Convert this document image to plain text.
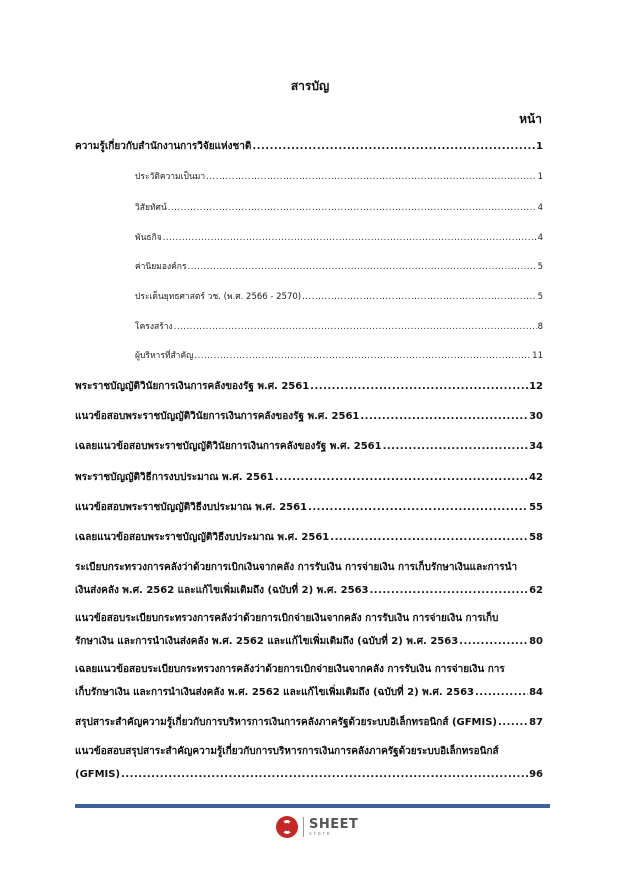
สารบัญ
หน้า
ความรู้เกี่ยวกับสำนักงานการวิจัยแห่งชาติ .....	1
ประวัติความเป็นมา .....	1
วิสัยทัศน์ .....	4
พันธกิจ .....	4
ค่านิยมองค์กร .....	5
ประเด็นยุทธศาสตร์ วช. (พ.ศ. 2566 - 2570) .....	5
โครงสร้าง .....	8
ผู้บริหารที่สำคัญ .....	11
พระราชบัญญัติวินัยการเงินการคลังของรัฐ พ.ศ. 2561 .....	12
แนวข้อสอบพระราชบัญญัติวินัยการเงินการคลังของรัฐ พ.ศ. 2561 .....	30
เฉลยแนวข้อสอบพระราชบัญญัติวินัยการเงินการคลังของรัฐ พ.ศ. 2561 .....	34
พระราชบัญญัติวิธีการงบประมาณ พ.ศ. 2561 .....	42
แนวข้อสอบพระราชบัญญัติวิธีงบประมาณ พ.ศ. 2561 .....	55
เฉลยแนวข้อสอบพระราชบัญญัติวิธีงบประมาณ พ.ศ. 2561 .....	58
ระเบียบกระทรวงการคลังว่าด้วยการเบิกเงินจากคลัง การรับเงิน การจ่ายเงิน การเก็บรักษาเงินและการนำ
เงินส่งคลัง พ.ศ. 2562 และแก้ไขเพิ่มเติมถึง (ฉบับที่ 2) พ.ศ. 2563 .....	62
แนวข้อสอบระเบียบกระทรวงการคลังว่าด้วยการเบิกจ่ายเงินจากคลัง การรับเงิน การจ่ายเงิน การเก็บ
รักษาเงิน และการนำเงินส่งคลัง พ.ศ. 2562 และแก้ไขเพิ่มเติมถึง (ฉบับที่ 2) พ.ศ. 2563 .....	80
เฉลยแนวข้อสอบระเบียบกระทรวงการคลังว่าด้วยการเบิกจ่ายเงินจากคลัง การรับเงิน การจ่ายเงิน การ
เก็บรักษาเงิน และการนำเงินส่งคลัง พ.ศ. 2562 และแก้ไขเพิ่มเติมถึง (ฉบับที่ 2) พ.ศ. 2563 .....	84
สรุปสาระสำคัญความรู้เกี่ยวกับการบริหารการเงินการคลังภาครัฐด้วยระบบอิเล็กทรอนิกส์ (GFMIS) .....	87
แนวข้อสอบสรุปสาระสำคัญความรู้เกี่ยวกับการบริหารการเงินการคลังภาครัฐด้วยระบบอิเล็กทรอนิกส์
(GFMIS) .....	96
SHEET
store
